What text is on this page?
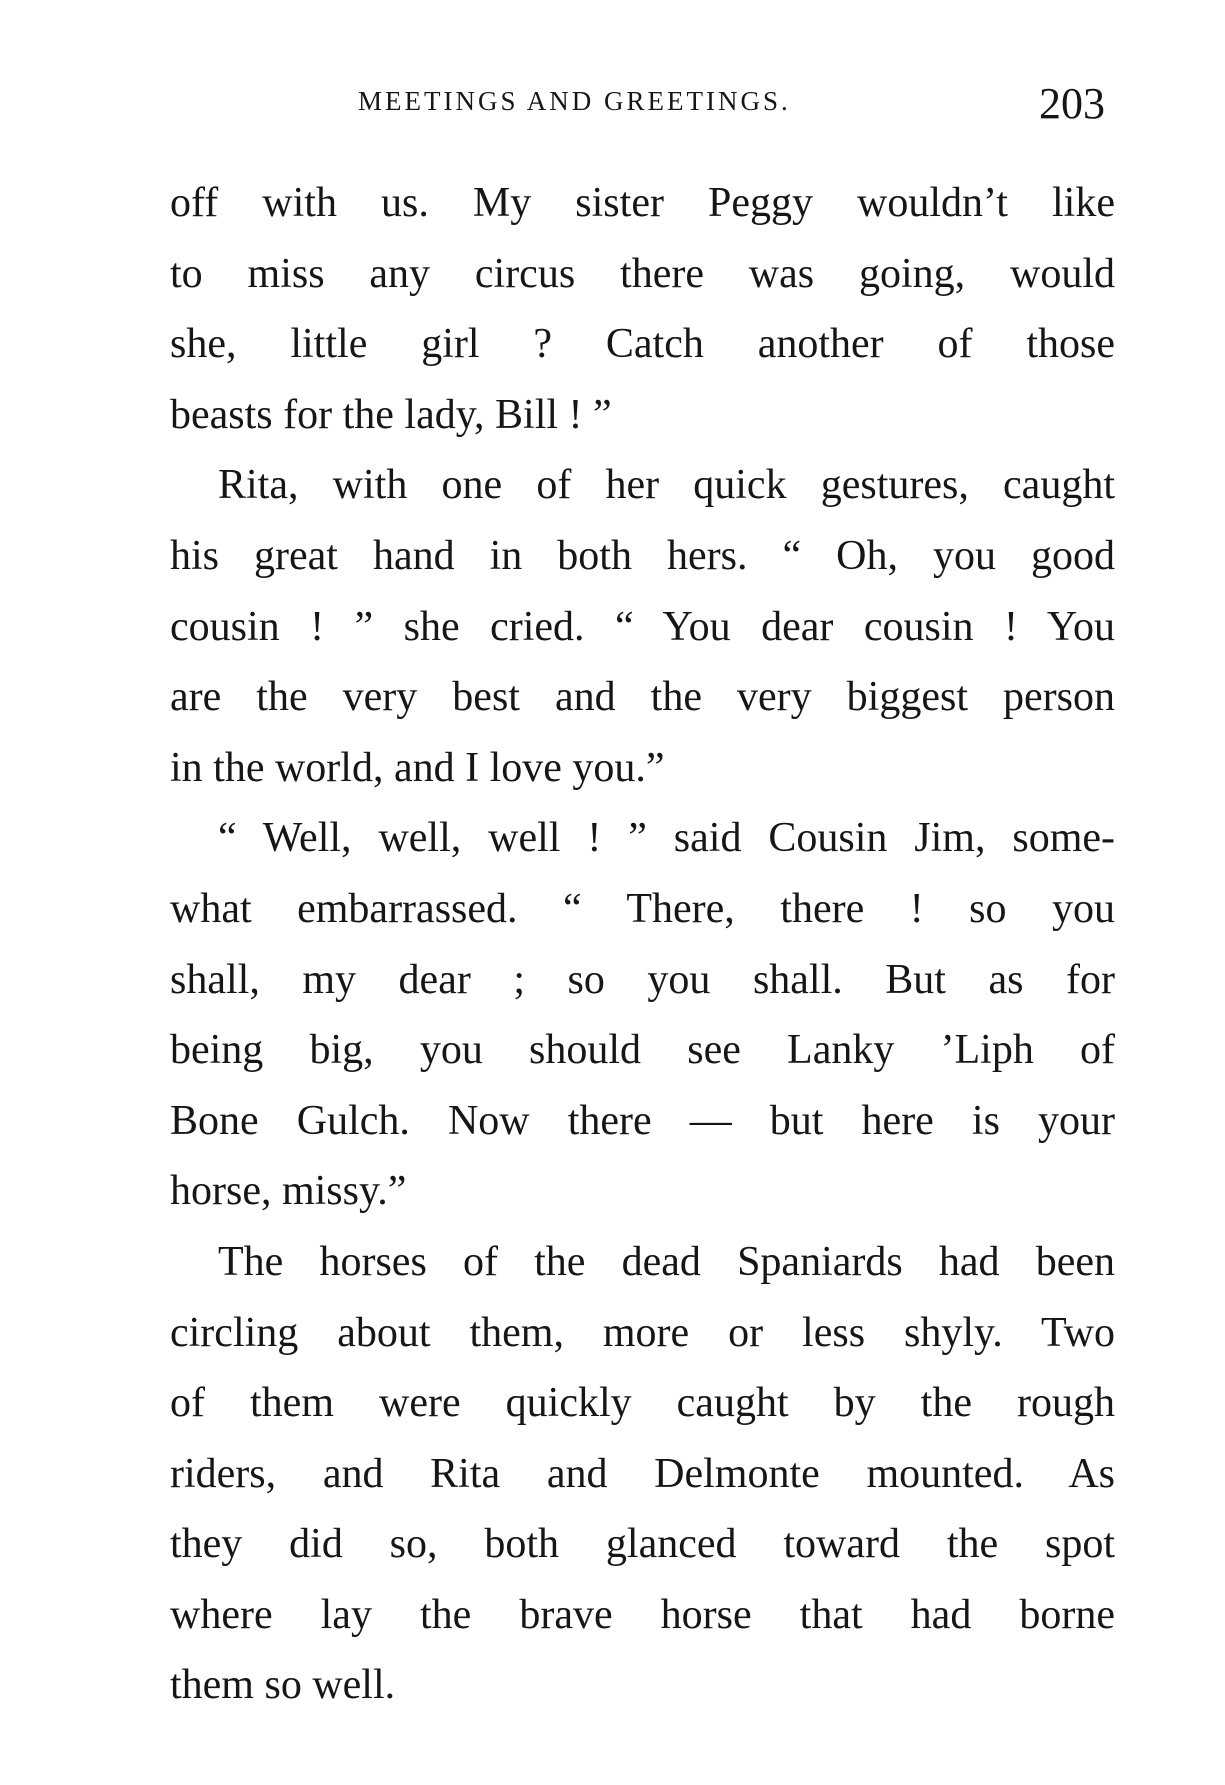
MEETINGS AND GREETINGS.	203

off with us. My sister Peggy wouldn’t like
to miss any circus there was going, would
she, little girl ? Catch another of those
beasts for the lady, Bill ! ”

Rita, with one of her quick gestures, caught
his great hand in both hers. “ Oh, you good
cousin ! ” she cried. “ You dear cousin ! You
are the very best and the very biggest person
in the world, and I love you.”

“ Well, well, well ! ” said Cousin Jim, some-
what embarrassed. “ There, there ! so you
shall, my dear ; so you shall. But as for
being big, you should see Lanky ’Liph of
Bone Gulch. Now there — but here is your
horse, missy.”

The horses of the dead Spaniards had been
circling about them, more or less shyly. Two
of them were quickly caught by the rough
riders, and Rita and Delmonte mounted. As
they did so, both glanced toward the spot
where lay the brave horse that had borne
them so well.
